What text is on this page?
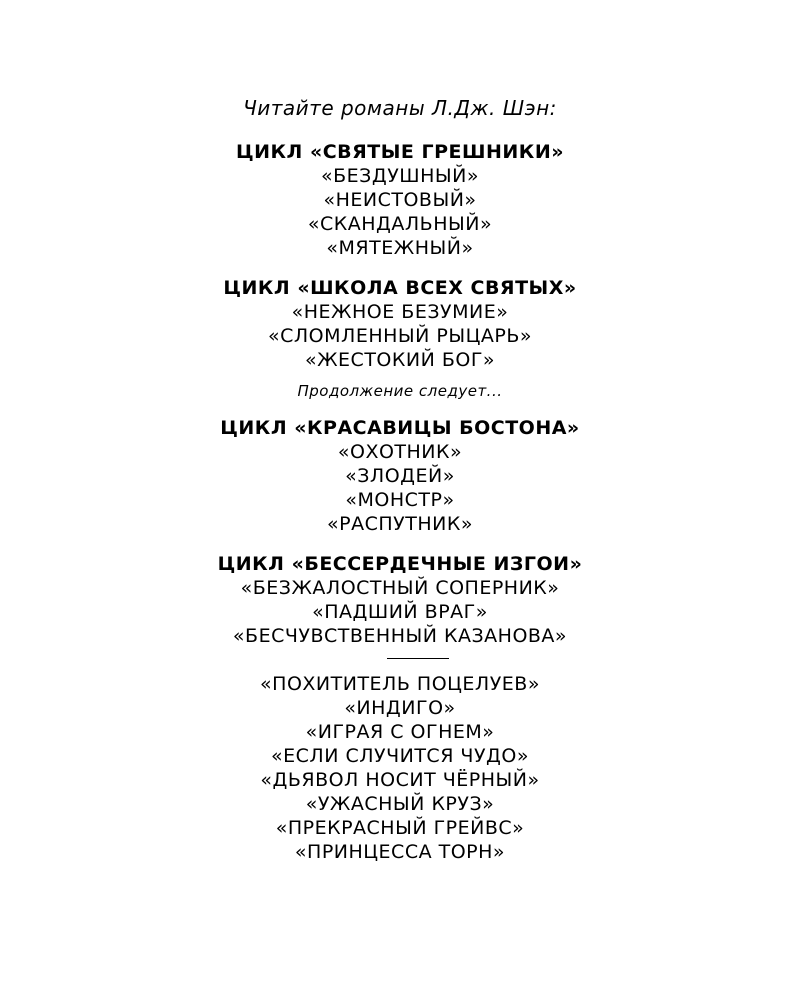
Читайте романы Л.Дж. Шэн:

ЦИКЛ «СВЯТЫЕ ГРЕШНИКИ»
«БЕЗДУШНЫЙ»
«НЕИСТОВЫЙ»
«СКАНДАЛЬНЫЙ»
«МЯТЕЖНЫЙ»
ЦИКЛ «ШКОЛА ВСЕХ СВЯТЫХ»
«НЕЖНОЕ БЕЗУМИЕ»
«СЛОМЛЕННЫЙ РЫЦАРЬ»
«ЖЕСТОКИЙ БОГ»
Продолжение следует...
ЦИКЛ «КРАСАВИЦЫ БОСТОНА»
«ОХОТНИК»
«ЗЛОДЕЙ»
«МОНСТР»
«РАСПУТНИК»
ЦИКЛ «БЕССЕРДЕЧНЫЕ ИЗГОИ»
«БЕЗЖАЛОСТНЫЙ СОПЕРНИК»
«ПАДШИЙ ВРАГ»
«БЕСЧУВСТВЕННЫЙ КАЗАНОВА»
«ПОХИТИТЕЛЬ ПОЦЕЛУЕВ»
«ИНДИГО»
«ИГРАЯ С ОГНЕМ»
«ЕСЛИ СЛУЧИТСЯ ЧУДО»
«ДЬЯВОЛ НОСИТ ЧЁРНЫЙ»
«УЖАСНЫЙ КРУЗ»
«ПРЕКРАСНЫЙ ГРЕЙВС»
«ПРИНЦЕССА ТОРН»
